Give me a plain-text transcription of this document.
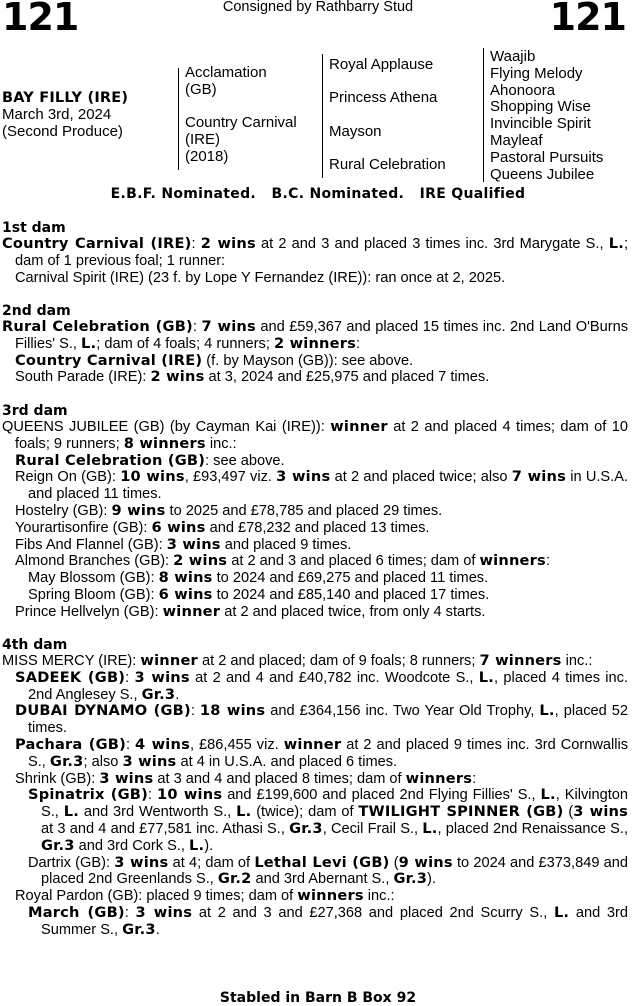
121	Consigned by Rathbarry Stud	121
BAY FILLY (IRE)
March 3rd, 2024
(Second Produce)
Acclamation
(GB)
Country Carnival
(IRE)
(2018)
Royal Applause
Princess Athena
Mayson
Rural Celebration
Waajib
Flying Melody
Ahonoora
Shopping Wise
Invincible Spirit
Mayleaf
Pastoral Pursuits
Queens Jubilee
E.B.F. Nominated.   B.C. Nominated.   IRE Qualified
1st dam
Country Carnival (IRE): 2 wins at 2 and 3 and placed 3 times inc. 3rd Marygate S., L.; dam of 1 previous foal; 1 runner:
Carnival Spirit (IRE) (23 f. by Lope Y Fernandez (IRE)): ran once at 2, 2025.
2nd dam
Rural Celebration (GB): 7 wins and £59,367 and placed 15 times inc. 2nd Land O'Burns Fillies' S., L.; dam of 4 foals; 4 runners; 2 winners:
Country Carnival (IRE) (f. by Mayson (GB)): see above.
South Parade (IRE): 2 wins at 3, 2024 and £25,975 and placed 7 times.
3rd dam
QUEENS JUBILEE (GB) (by Cayman Kai (IRE)): winner at 2 and placed 4 times; dam of 10 foals; 9 runners; 8 winners inc.:
Rural Celebration (GB): see above.
Reign On (GB): 10 wins, £93,497 viz. 3 wins at 2 and placed twice; also 7 wins in U.S.A. and placed 11 times.
Hostelry (GB): 9 wins to 2025 and £78,785 and placed 29 times.
Yourartisonfire (GB): 6 wins and £78,232 and placed 13 times.
Fibs And Flannel (GB): 3 wins and placed 9 times.
Almond Branches (GB): 2 wins at 2 and 3 and placed 6 times; dam of winners:
May Blossom (GB): 8 wins to 2024 and £69,275 and placed 11 times.
Spring Bloom (GB): 6 wins to 2024 and £85,140 and placed 17 times.
Prince Hellvelyn (GB): winner at 2 and placed twice, from only 4 starts.
4th dam
MISS MERCY (IRE): winner at 2 and placed; dam of 9 foals; 8 runners; 7 winners inc.:
SADEEK (GB): 3 wins at 2 and 4 and £40,782 inc. Woodcote S., L., placed 4 times inc. 2nd Anglesey S., Gr.3.
DUBAI DYNAMO (GB): 18 wins and £364,156 inc. Two Year Old Trophy, L., placed 52 times.
Pachara (GB): 4 wins, £86,455 viz. winner at 2 and placed 9 times inc. 3rd Cornwallis S., Gr.3; also 3 wins at 4 in U.S.A. and placed 6 times.
Shrink (GB): 3 wins at 3 and 4 and placed 8 times; dam of winners:
Spinatrix (GB): 10 wins and £199,600 and placed 2nd Flying Fillies' S., L., Kilvington S., L. and 3rd Wentworth S., L. (twice); dam of TWILIGHT SPINNER (GB) (3 wins at 3 and 4 and £77,581 inc. Athasi S., Gr.3, Cecil Frail S., L., placed 2nd Renaissance S., Gr.3 and 3rd Cork S., L.).
Dartrix (GB): 3 wins at 4; dam of Lethal Levi (GB) (9 wins to 2024 and £373,849 and placed 2nd Greenlands S., Gr.2 and 3rd Abernant S., Gr.3).
Royal Pardon (GB): placed 9 times; dam of winners inc.:
March (GB): 3 wins at 2 and 3 and £27,368 and placed 2nd Scurry S., L. and 3rd Summer S., Gr.3.
Stabled in Barn B Box 92
